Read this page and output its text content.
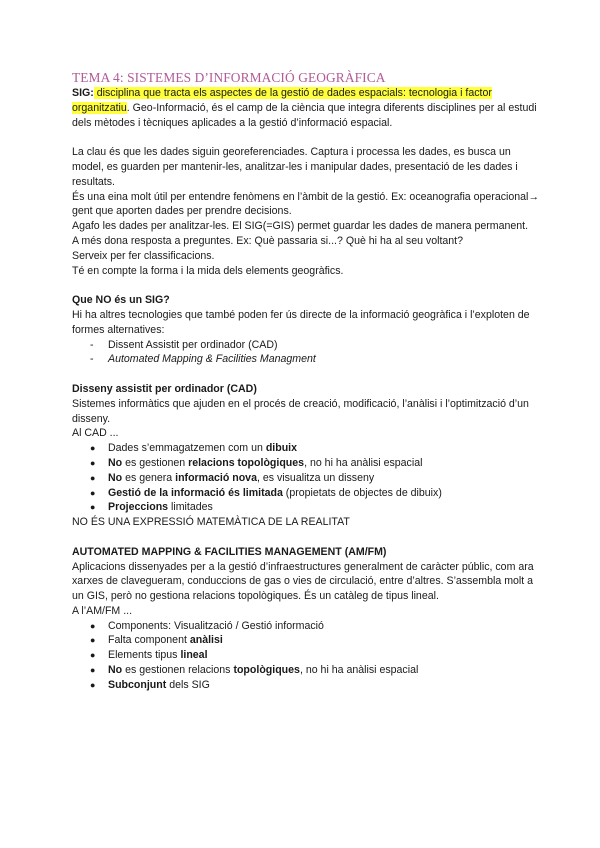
TEMA 4: SISTEMES D’INFORMACIÓ GEOGRÀFICA

SIG: disciplina que tracta els aspectes de la gestió de dades espacials: tecnologia i factor organitzatiu. Geo-Informació, és el camp de la ciència que integra diferents disciplines per al estudi dels mètodes i tècniques aplicades a la gestió d’informació espacial.

La clau és que les dades siguin georeferenciades. Captura i processa les dades, es busca un model, es guarden per mantenir-les, analitzar-les i manipular dades, presentació de les dades i resultats.

És una eina molt útil per entendre fenòmens en l’àmbit de la gestió. Ex: oceanografia operacional→ gent que aporten dades per prendre decisions.

Agafo les dades per analitzar-les. El SIG(=GIS) permet guardar les dades de manera permanent.

A més dona resposta a preguntes. Ex: Què passaria si...? Què hi ha al seu voltant?

Serveix per fer classificacions.

Té en compte la forma i la mida dels elements geogràfics.

Que NO és un SIG?

Hi ha altres tecnologies que també poden fer ús directe de la informació geogràfica i l’exploten de formes alternatives:

- Dissent Assistit per ordinador (CAD)
- Automated Mapping & Facilities Managment

Disseny assistit per ordinador (CAD)

Sistemes informàtics que ajuden en el procés de creació, modificació, l’anàlisi i l’optimització d’un disseny.

Al CAD ...

● Dades s’emmagatzemen com un dibuix
● No es gestionen relacions topològiques, no hi ha anàlisi espacial
● No es genera informació nova, es visualitza un disseny
● Gestió de la informació és limitada (propietats de objectes de dibuix)
● Projeccions limitades

NO ÉS UNA EXPRESSIÓ MATEMÀTICA DE LA REALITAT

AUTOMATED MAPPING & FACILITIES MANAGEMENT (AM/FM)

Aplicacions dissenyades per a la gestió d’infraestructures generalment de caràcter públic, com ara xarxes de clavegueram, conduccions de gas o vies de circulació, entre d’altres. S’assembla molt a un GIS, però no gestiona relacions topològiques. És un catàleg de tipus lineal.

A l’AM/FM ...

● Components: Visualització / Gestió informació
● Falta component anàlisi
● Elements tipus lineal
● No es gestionen relacions topològiques, no hi ha anàlisi espacial
● Subconjunt dels SIG
